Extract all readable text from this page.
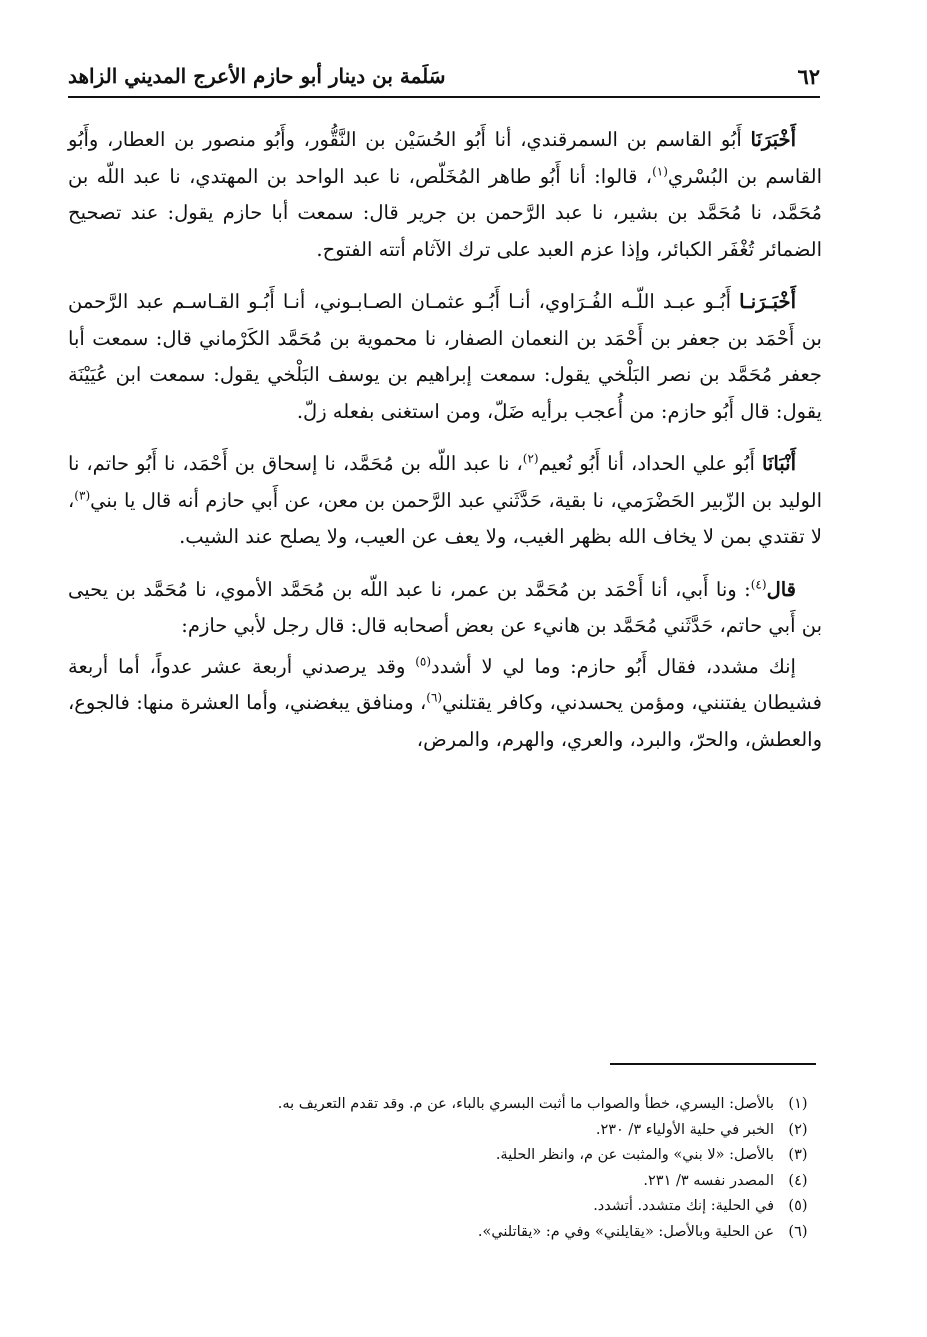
٦٢
سَلَمة بن دينار أبو حازم الأعرج المديني الزاهد

أَخْبَرَنَا أَبُو القاسم بن السمرقندي، أنا أَبُو الحُسَيْن بن النَّقُّور، وأَبُو منصور بن العطار، وأَبُو القاسم بن البُسْري$^{(١)}$، قالوا: أنا أَبُو طاهر المُخَلّص، نا عبد الواحد بن المهتدي، نا عبد اللّه بن مُحَمَّد، نا مُحَمَّد بن بشير، نا عبد الرَّحمن بن جرير قال: سمعت أبا حازم يقول: عند تصحيح الضمائر تُغْفَر الكبائر، وإذا عزم العبد على ترك الآثام أتته الفتوح.

أَخْبَـرَنـا أَبُـو عبـد اللّـه الفُـرَاوي، أنـا أَبُـو عثمـان الصـابـوني، أنـا أَبُـو القـاسـم عبد الرَّحمن بن أَحْمَد بن جعفر بن أَحْمَد بن النعمان الصفار، نا محموية بن مُحَمَّد الكَرْماني قال: سمعت أبا جعفر مُحَمَّد بن نصر البَلْخي يقول: سمعت إبراهيم بن يوسف البَلْخي يقول: سمعت ابن عُيَيْنَة يقول: قال أَبُو حازم: من أُعجب برأيه ضَلّ، ومن استغنى بفعله زلّ.

أَنْبَانَا أَبُو علي الحداد، أنا أَبُو نُعيم$^{(٢)}$، نا عبد اللّه بن مُحَمَّد، نا إسحاق بن أَحْمَد، نا أَبُو حاتم، نا الوليد بن الزّبير الحَضْرَمي، نا بقية، حَدَّثَني عبد الرَّحمن بن معن، عن أَبي حازم أنه قال يا بني$^{(٣)}$، لا تقتدي بمن لا يخاف الله بظهر الغيب، ولا يعف عن العيب، ولا يصلح عند الشيب.

قال$^{(٤)}$: ونا أَبي، أنا أَحْمَد بن مُحَمَّد بن عمر، نا عبد اللّه بن مُحَمَّد الأموي، نا مُحَمَّد بن يحيى بن أَبي حاتم، حَدَّثَني مُحَمَّد بن هانيء عن بعض أصحابه قال: قال رجل لأبي حازم:

إنك مشدد، فقال أَبُو حازم: وما لي لا أشدد$^{(٥)}$ وقد يرصدني أربعة عشر عدواً، أما أربعة فشيطان يفتنني، ومؤمن يحسدني، وكافر يقتلني$^{(٦)}$، ومنافق يبغضني، وأما العشرة منها: فالجوع، والعطش، والحرّ، والبرد، والعري، والهرم، والمرض،

(١)بالأصل: اليسري، خطأ والصواب ما أثبت البسري بالباء، عن م. وقد تقدم التعريف به.
(٢)الخبر في حلية الأولياء ٣/ ٢٣٠.
(٣)بالأصل: «لا بني» والمثبت عن م، وانظر الحلية.
(٤)المصدر نفسه ٣/ ٢٣١.
(٥)في الحلية: إنك متشدد. أتشدد.
(٦)عن الحلية وبالأصل: «يقايلني» وفي م: «يقاتلني».
